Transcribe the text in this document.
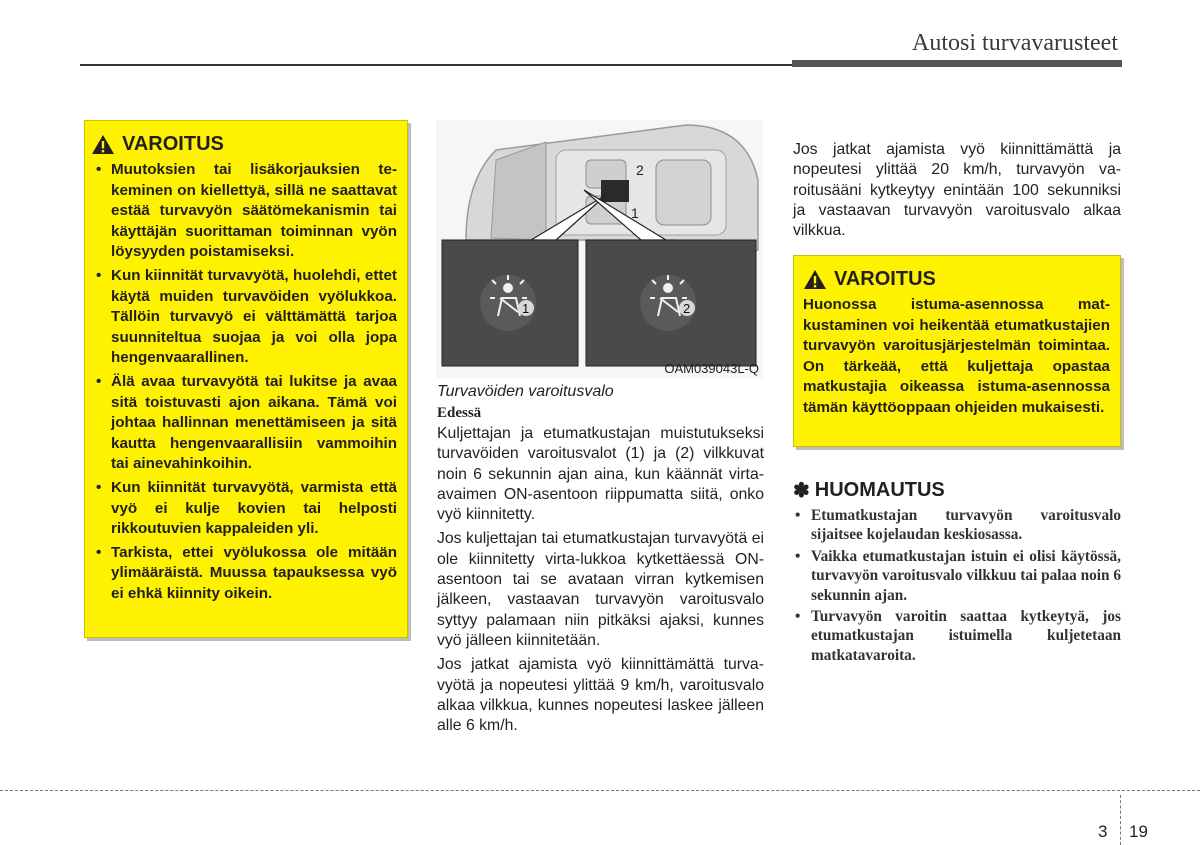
Autosi turvavarusteet
VAROITUS
• Muutoksien tai lisäkorjauksien tekeminen on kiellettyä, sillä ne saattavat estää turvavyön säätömekanismin tai käyttäjän suorittaman toiminnan vyön löysyyden poistamiseksi.
• Kun kiinnität turvavyötä, huolehdi, ettet käytä muiden turvavöiden vyölukkoa. Tällöin turvavyö ei välttämättä tarjoa suunniteltua suojaa ja voi olla jopa hengenvaarallinen.
• Älä avaa turvavyötä tai lukitse ja avaa sitä toistuvasti ajon aikana. Tämä voi johtaa hallinnan menettämiseen ja sitä kautta hengenvaarallisiin vammoihin tai ainevahinkoihin.
• Kun kiinnität turvavyötä, varmista että vyö ei kulje kovien tai helposti rikkoutuvien kappaleiden yli.
• Tarkista, ettei vyölukossa ole mitään ylimääräistä. Muussa tapauksessa vyö ei ehkä kiinnity oikein.
2
1
1	2
OAM039043L-Q
Turvavöiden varoitusvalo
Edessä

Kuljettajan ja etumatkustajan muistutukseksi turvavöiden varoitusvalot (1) ja (2) vilkkuvat noin 6 sekunnin ajan aina, kun käännät virta-avaimen ON-asentoon riippumatta siitä, onko vyö kiinnitetty.

Jos kuljettajan tai etumatkustajan turvavyötä ei ole kiinnitetty virta-lukkoa kytkettäessä ON-asentoon tai se avataan virran kytkemisen jälkeen, vastaavan turvavyön varoitusvalo syttyy palamaan niin pitkäksi ajaksi, kunnes vyö jälleen kiinnitetään.

Jos jatkat ajamista vyö kiinnittämättä turvavyötä ja nopeutesi ylittää 9 km/h, varoitusvalo alkaa vilkkua, kunnes nopeutesi laskee jälleen alle 6 km/h.

Jos jatkat ajamista vyö kiinnittämättä ja nopeutesi ylittää 20 km/h, turvavyön varoitusääni kytkeytyy enintään 100 sekunniksi ja vastaavan turvavyön varoitusvalo alkaa vilkkua.

VAROITUS

Huonossa istuma-asennossa matkustaminen voi heikentää etumatkustajien turvavyön varoitusjärjestelmän toimintaa. On tärkeää, että kuljettaja opastaa matkustajia oikeassa istuma-asennossa tämän käyttöoppaan ohjeiden mukaisesti.

✽ HUOMAUTUS
• Etumatkustajan turvavyön varoitusvalo sijaitsee kojelaudan keskiosassa.
• Vaikka etumatkustajan istuin ei olisi käytössä, turvavyön varoitusvalo vilkkuu tai palaa noin 6 sekunnin ajan.
• Turvavyön varoitin saattaa kytkeytyä, jos etumatkustajan istuimella kuljetetaan matkatavaroita.
3 19
